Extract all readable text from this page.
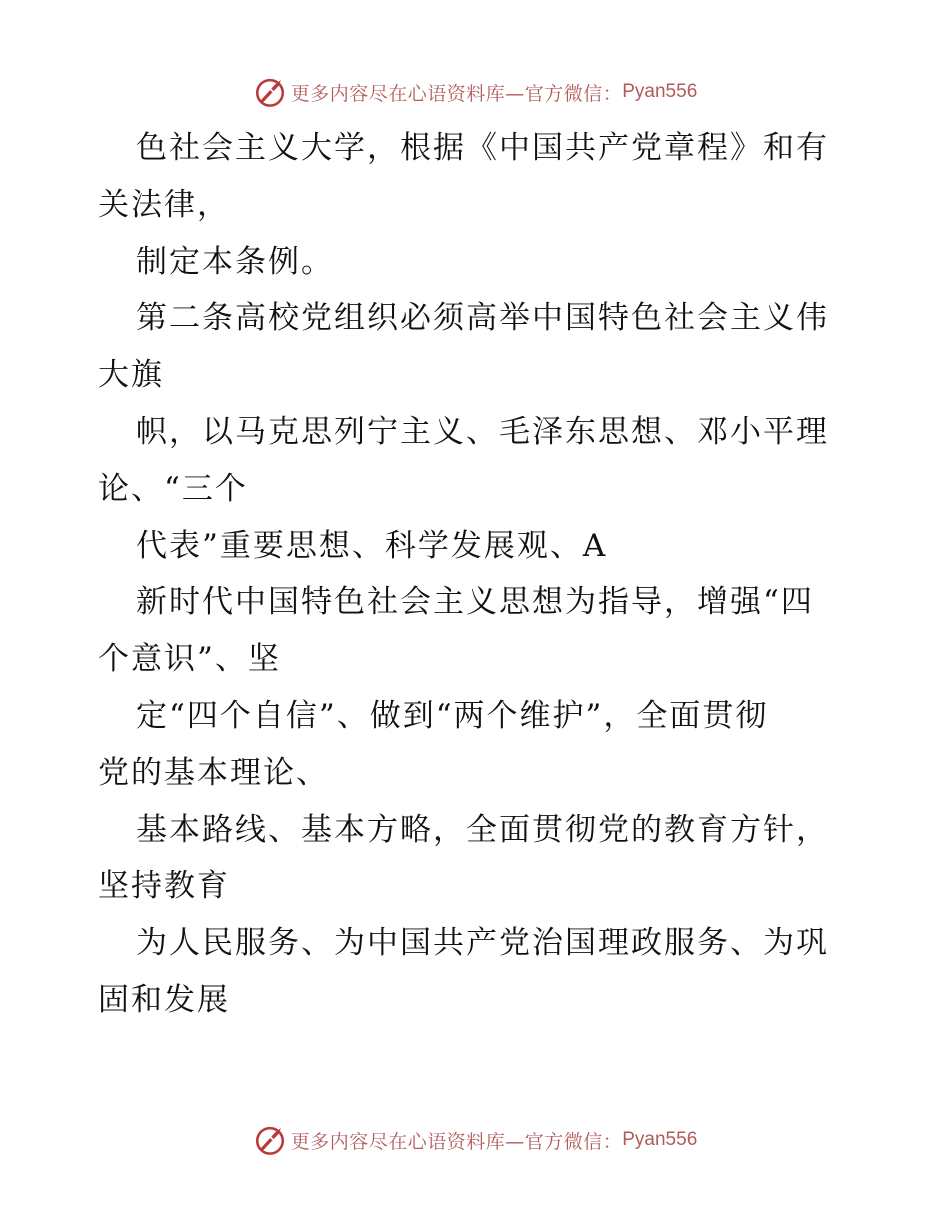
更多内容尽在心语资料库—官方微信： Pyan556
色社会主义大学，根据《中国共产党章程》和有
关法律，
制定本条例。
第二条高校党组织必须高举中国特色社会主义伟
大旗
帜，以马克思列宁主义、毛泽东思想、邓小平理
论、“三个
代表”重要思想、科学发展观、A
新时代中国特色社会主义思想为指导，增强“四
个意识”、坚
定“四个自信”、做到“两个维护”，全面贯彻
党的基本理论、
基本路线、基本方略，全面贯彻党的教育方针，
坚持教育
为人民服务、为中国共产党治国理政服务、为巩
固和发展
更多内容尽在心语资料库—官方微信： Pyan556
